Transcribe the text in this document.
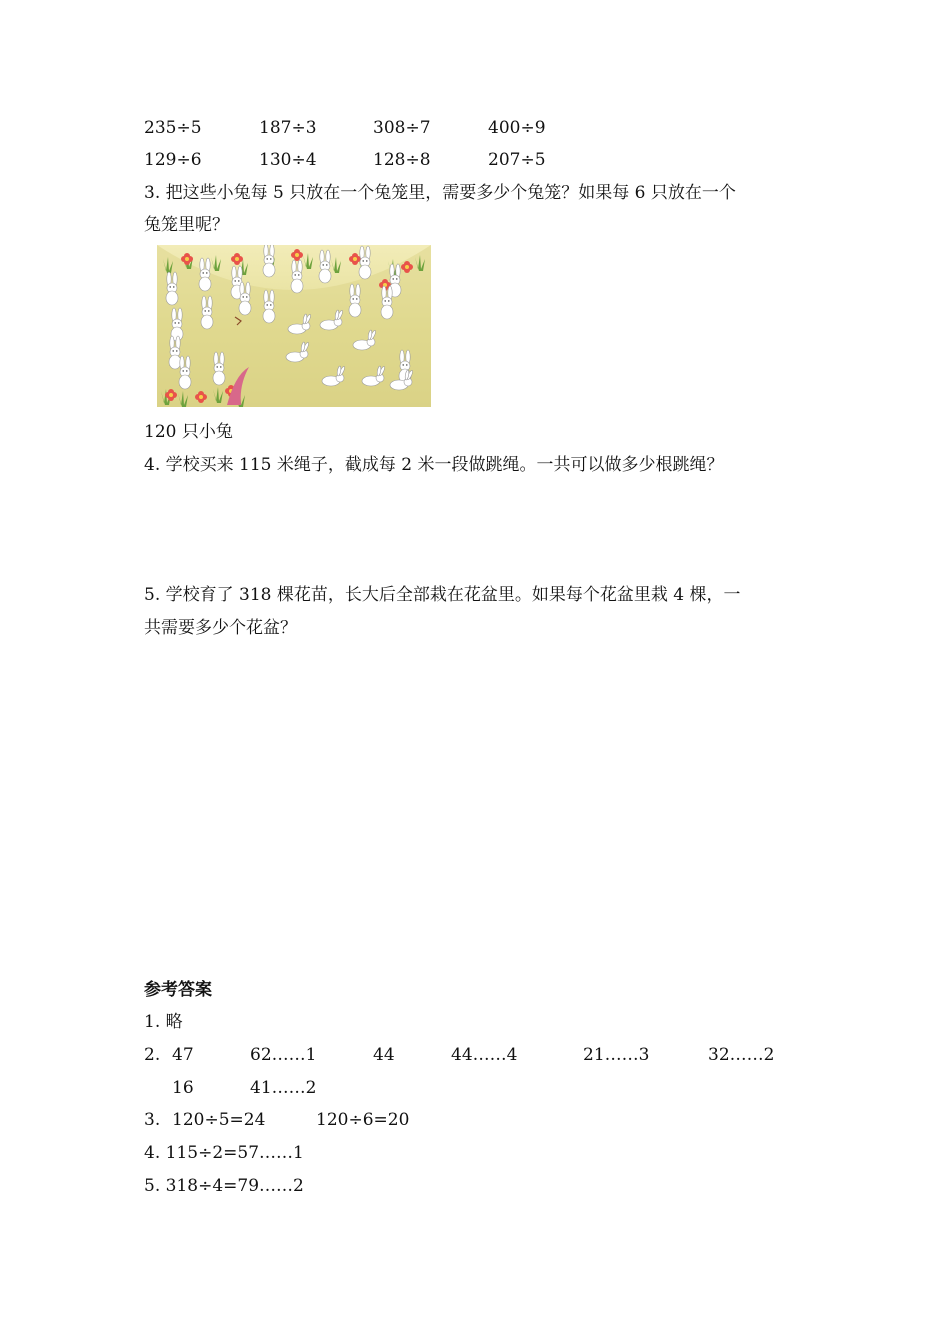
235÷5	187÷3	308÷7	400÷9
129÷6	130÷4	128÷8	207÷5
3. 把这些小兔每 5 只放在一个兔笼里，需要多少个兔笼？如果每 6 只放在一个
兔笼里呢？
120 只小兔
4. 学校买来 115 米绳子，截成每 2 米一段做跳绳。一共可以做多少根跳绳？
5. 学校育了 318 棵花苗，长大后全部栽在花盆里。如果每个花盆里栽 4 棵，一
共需要多少个花盆？
参考答案
1. 略
2. 47	62……1	44	44……4	21……3	32……2
16	41……2
3. 120÷5=24	120÷6=20
4. 115÷2=57……1
5. 318÷4=79……2
